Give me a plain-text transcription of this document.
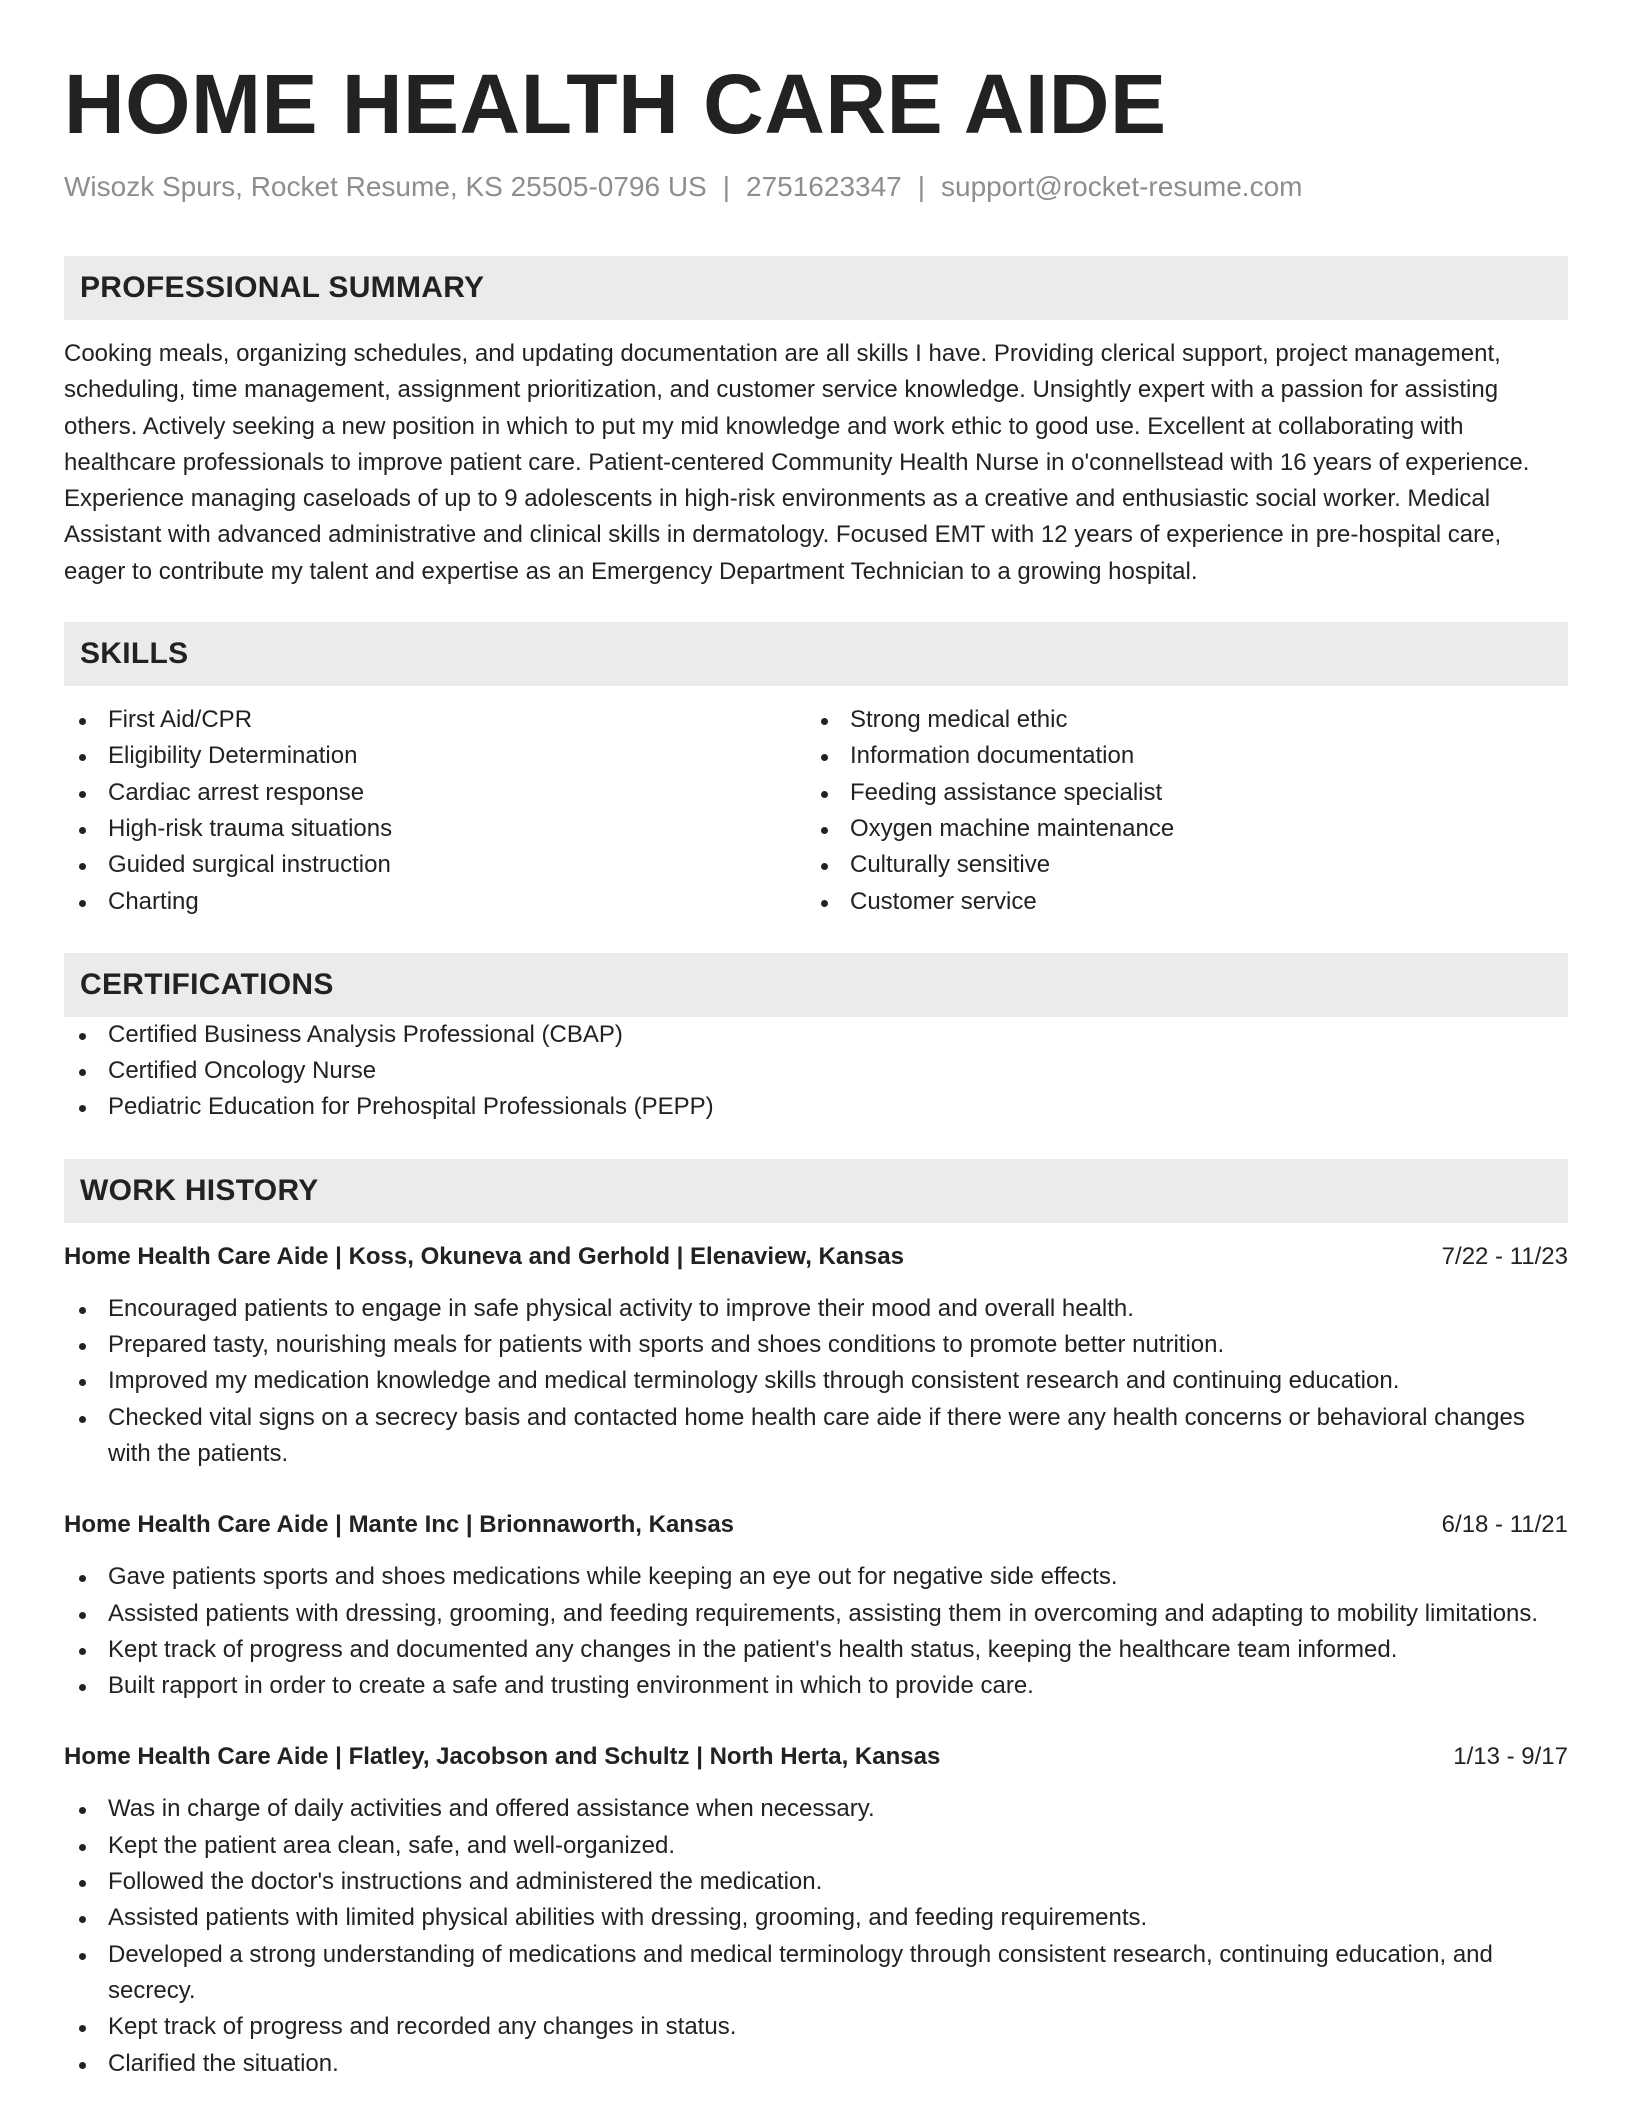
HOME HEALTH CARE AIDE
Wisozk Spurs, Rocket Resume, KS 25505-0796 US | 2751623347 | support@rocket-resume.com
PROFESSIONAL SUMMARY
Cooking meals, organizing schedules, and updating documentation are all skills I have. Providing clerical support, project management, scheduling, time management, assignment prioritization, and customer service knowledge. Unsightly expert with a passion for assisting others. Actively seeking a new position in which to put my mid knowledge and work ethic to good use. Excellent at collaborating with healthcare professionals to improve patient care. Patient-centered Community Health Nurse in o'connellstead with 16 years of experience. Experience managing caseloads of up to 9 adolescents in high-risk environments as a creative and enthusiastic social worker. Medical Assistant with advanced administrative and clinical skills in dermatology. Focused EMT with 12 years of experience in pre-hospital care, eager to contribute my talent and expertise as an Emergency Department Technician to a growing hospital.
SKILLS
First Aid/CPR
Eligibility Determination
Cardiac arrest response
High-risk trauma situations
Guided surgical instruction
Charting
Strong medical ethic
Information documentation
Feeding assistance specialist
Oxygen machine maintenance
Culturally sensitive
Customer service
CERTIFICATIONS
Certified Business Analysis Professional (CBAP)
Certified Oncology Nurse
Pediatric Education for Prehospital Professionals (PEPP)
WORK HISTORY
Home Health Care Aide | Koss, Okuneva and Gerhold | Elenaview, Kansas	7/22 - 11/23
Encouraged patients to engage in safe physical activity to improve their mood and overall health.
Prepared tasty, nourishing meals for patients with sports and shoes conditions to promote better nutrition.
Improved my medication knowledge and medical terminology skills through consistent research and continuing education.
Checked vital signs on a secrecy basis and contacted home health care aide if there were any health concerns or behavioral changes with the patients.
Home Health Care Aide | Mante Inc | Brionnaworth, Kansas	6/18 - 11/21
Gave patients sports and shoes medications while keeping an eye out for negative side effects.
Assisted patients with dressing, grooming, and feeding requirements, assisting them in overcoming and adapting to mobility limitations.
Kept track of progress and documented any changes in the patient's health status, keeping the healthcare team informed.
Built rapport in order to create a safe and trusting environment in which to provide care.
Home Health Care Aide | Flatley, Jacobson and Schultz | North Herta, Kansas	1/13 - 9/17
Was in charge of daily activities and offered assistance when necessary.
Kept the patient area clean, safe, and well-organized.
Followed the doctor's instructions and administered the medication.
Assisted patients with limited physical abilities with dressing, grooming, and feeding requirements.
Developed a strong understanding of medications and medical terminology through consistent research, continuing education, and secrecy.
Kept track of progress and recorded any changes in status.
Clarified the situation.
